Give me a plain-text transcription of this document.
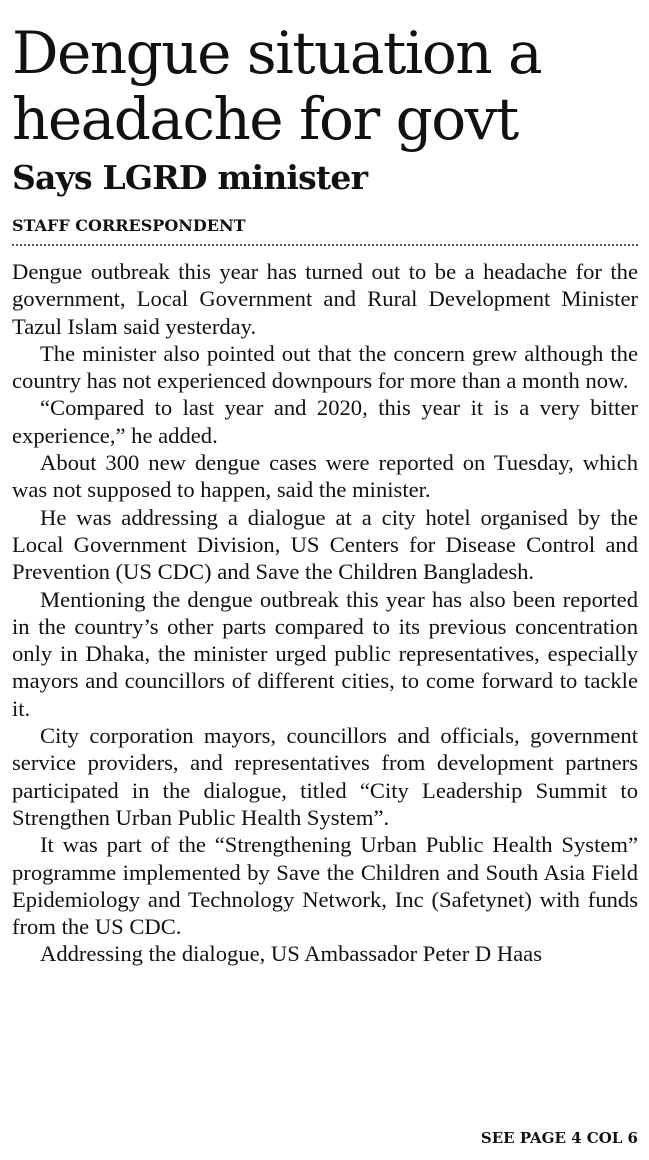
Dengue situation a headache for govt
Says LGRD minister
STAFF CORRESPONDENT

Dengue outbreak this year has turned out to be a headache for the government, Local Government and Rural Development Minister Tazul Islam said yesterday.

The minister also pointed out that the concern grew although the country has not experienced downpours for more than a month now.

“Compared to last year and 2020, this year it is a very bitter experience,” he added.

About 300 new dengue cases were reported on Tuesday, which was not supposed to happen, said the minister.

He was addressing a dialogue at a city hotel organised by the Local Government Division, US Centers for Disease Control and Prevention (US CDC) and Save the Children Bangladesh.

Mentioning the dengue outbreak this year has also been reported in the country’s other parts compared to its previous concentration only in Dhaka, the minister urged public representatives, especially mayors and councillors of different cities, to come forward to tackle it.

City corporation mayors, councillors and officials, government service providers, and representatives from development partners participated in the dialogue, titled “City Leadership Summit to Strengthen Urban Public Health System”.

It was part of the “Strengthening Urban Public Health System” programme implemented by Save the Children and South Asia Field Epidemiology and Technology Network, Inc (Safetynet) with funds from the US CDC.

Addressing the dialogue, US Ambassador Peter D Haas

SEE PAGE 4 COL 6
